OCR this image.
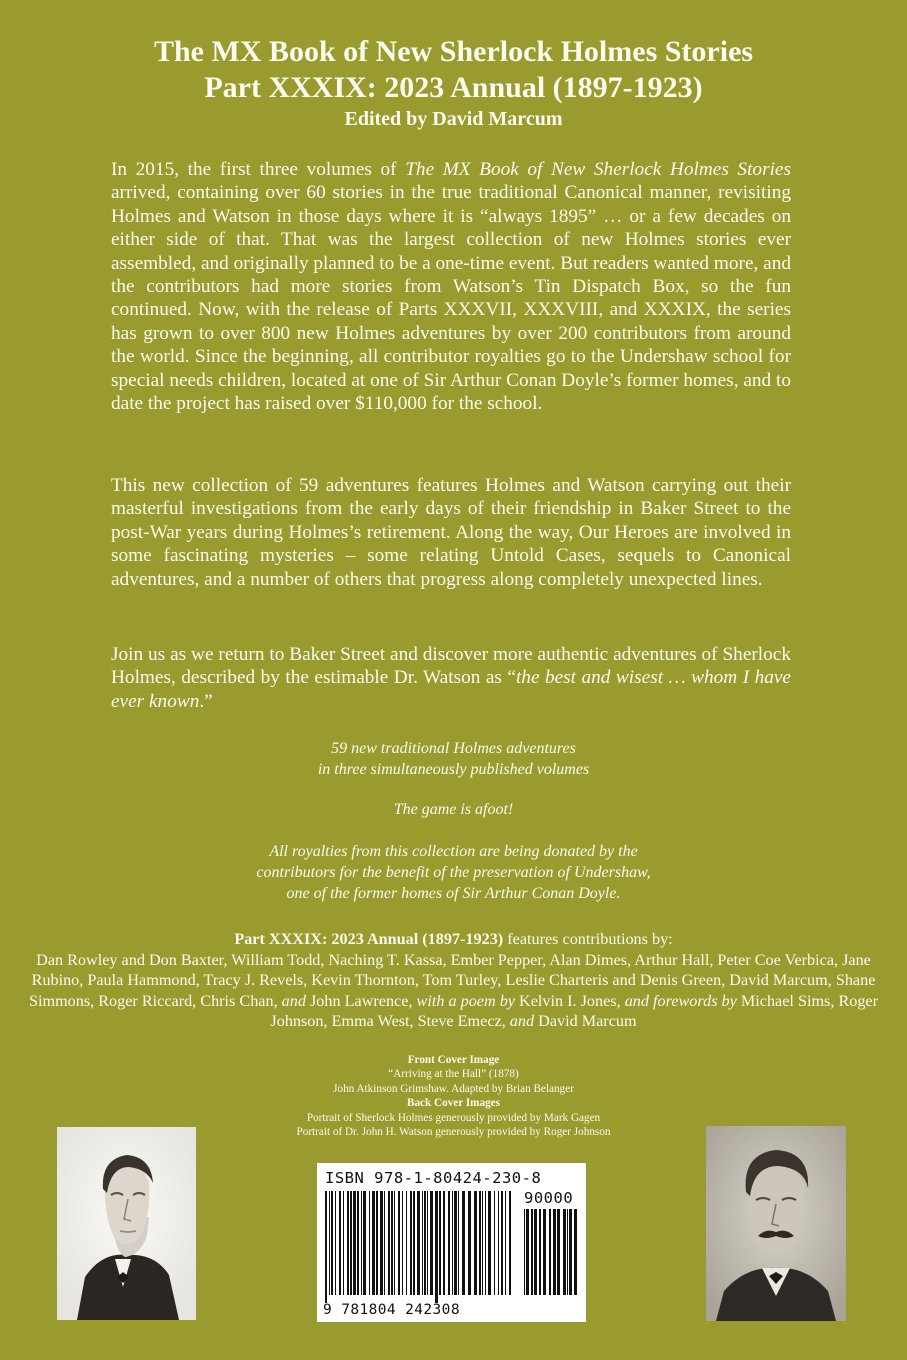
The MX Book of New Sherlock Holmes Stories

Part XXXIX: 2023 Annual (1897-1923)

Edited by David Marcum

In 2015, the first three volumes of The MX Book of New Sherlock Holmes Stories arrived, containing over 60 stories in the true traditional Canonical manner, revisiting Holmes and Watson in those days where it is “always 1895” … or a few decades on either side of that. That was the largest collection of new Holmes stories ever assembled, and originally planned to be a one-time event. But readers wanted more, and the contributors had more stories from Watson’s Tin Dispatch Box, so the fun continued. Now, with the release of Parts XXXVII, XXXVIII, and XXXIX, the series has grown to over 800 new Holmes adventures by over 200 contributors from around the world. Since the beginning, all contributor royalties go to the Undershaw school for special needs children, located at one of Sir Arthur Conan Doyle’s former homes, and to date the project has raised over $110,000 for the school.

This new collection of 59 adventures features Holmes and Watson carrying out their masterful investigations from the early days of their friendship in Baker Street to the post-War years during Holmes’s retirement. Along the way, Our Heroes are involved in some fascinating mysteries – some relating Untold Cases, sequels to Canonical adventures, and a number of others that progress along completely unexpected lines.

Join us as we return to Baker Street and discover more authentic adventures of Sherlock Holmes, described by the estimable Dr. Watson as “the best and wisest … whom I have ever known.”

59 new traditional Holmes adventures
in three simultaneously published volumes

The game is afoot!

All royalties from this collection are being donated by the
contributors for the benefit of the preservation of Undershaw,
one of the former homes of Sir Arthur Conan Doyle.

Part XXXIX: 2023 Annual (1897-1923) features contributions by:
Dan Rowley and Don Baxter, William Todd, Naching T. Kassa, Ember Pepper, Alan Dimes, Arthur Hall, Peter Coe Verbica, Jane Rubino, Paula Hammond, Tracy J. Revels, Kevin Thornton, Tom Turley, Leslie Charteris and Denis Green, David Marcum, Shane Simmons, Roger Riccard, Chris Chan, and John Lawrence, with a poem by Kelvin I. Jones, and forewords by Michael Sims, Roger Johnson, Emma West, Steve Emecz, and David Marcum

Front Cover Image
“Arriving at the Hall” (1878)
John Atkinson Grimshaw. Adapted by Brian Belanger
Back Cover Images
Portrait of Sherlock Holmes generously provided by Mark Gagen
Portrait of Dr. John H. Watson generously provided by Roger Johnson
ISBN 978-1-80424-230-8
90000
9 781804 242308
